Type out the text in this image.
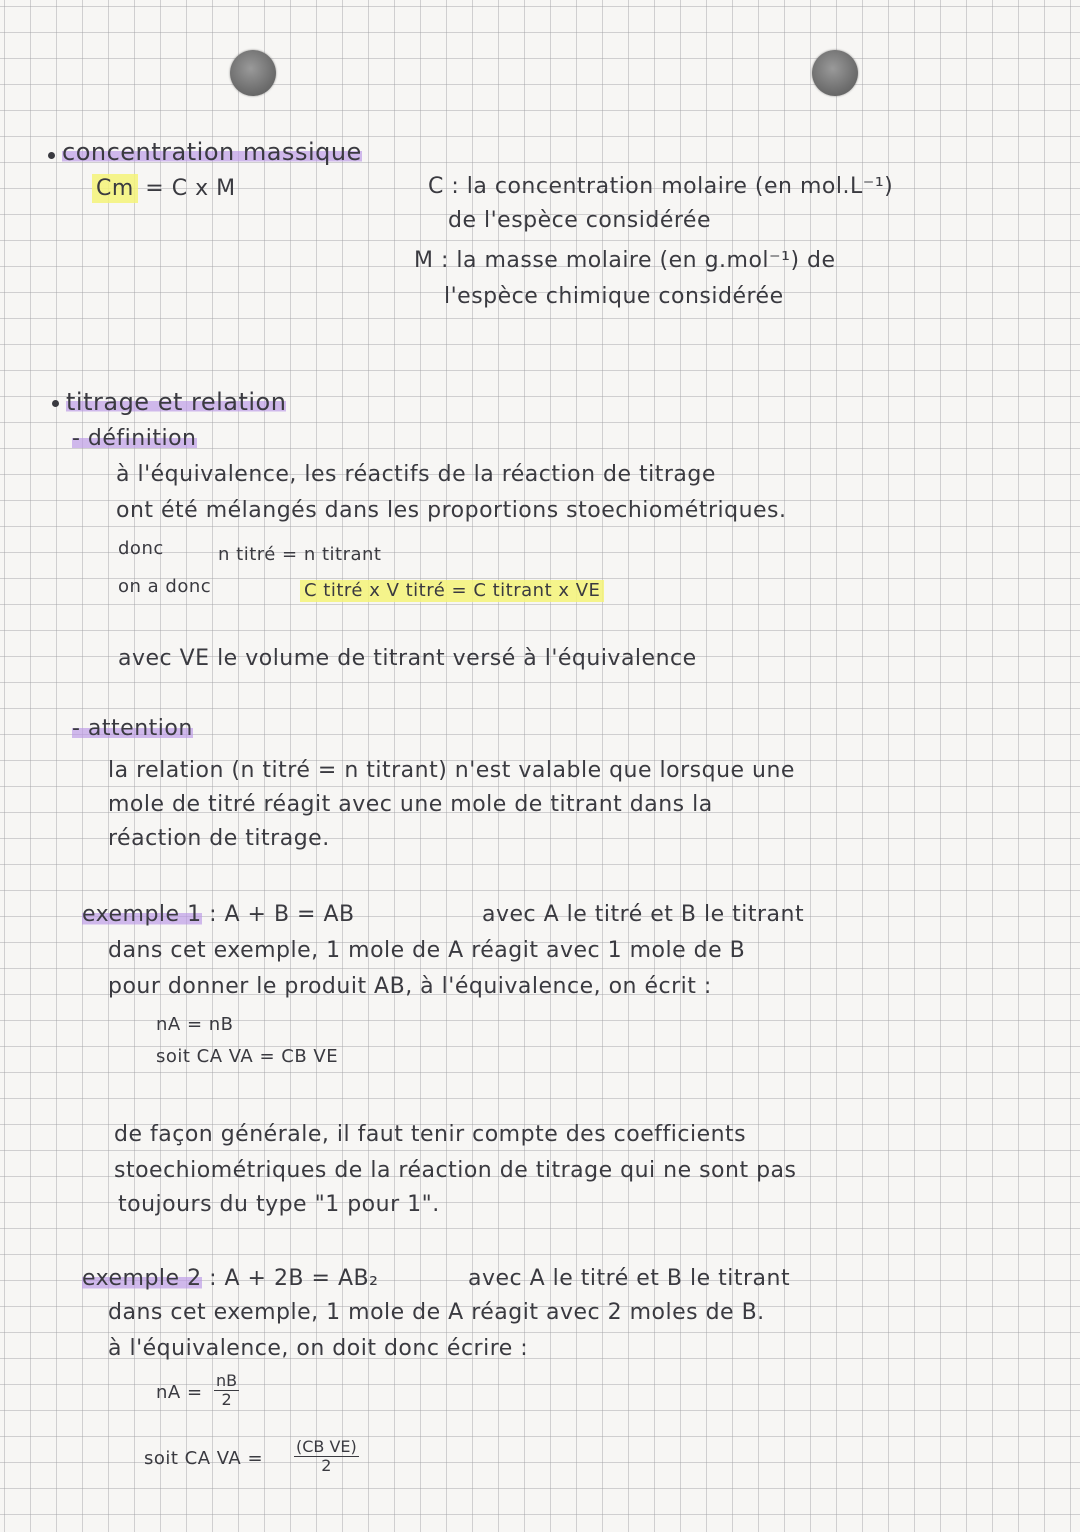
concentration massique
Cm = C x M	C : la concentration molaire (en mol.L⁻¹)
de l'espèce considérée
M : la masse molaire (en g.mol⁻¹) de
l'espèce chimique considérée
titrage et relation
- définition
à l'équivalence, les réactifs de la réaction de titrage
ont été mélangés dans les proportions stoechiométriques.
donc	n titré = n titrant
on a donc	C titré x V titré = C titrant x VE
avec VE le volume de titrant versé à l'équivalence
- attention
la relation (n titré = n titrant) n'est valable que lorsque une
mole de titré réagit avec une mole de titrant dans la
réaction de titrage.
exemple 1 : A + B = AB	avec A le titré et B le titrant
dans cet exemple, 1 mole de A réagit avec 1 mole de B
pour donner le produit AB, à l'équivalence, on écrit :
nA = nB
soit CA VA = CB VE
de façon générale, il faut tenir compte des coefficients
stoechiométriques de la réaction de titrage qui ne sont pas
toujours du type "1 pour 1".
exemple 2 : A + 2B = AB₂	avec A le titré et B le titrant
dans cet exemple, 1 mole de A réagit avec 2 moles de B.
à l'équivalence, on doit donc écrire :
nA = $\frac{nB}{2}$
soit CA VA = $\frac{\text{(CB VE)}}{2}$
